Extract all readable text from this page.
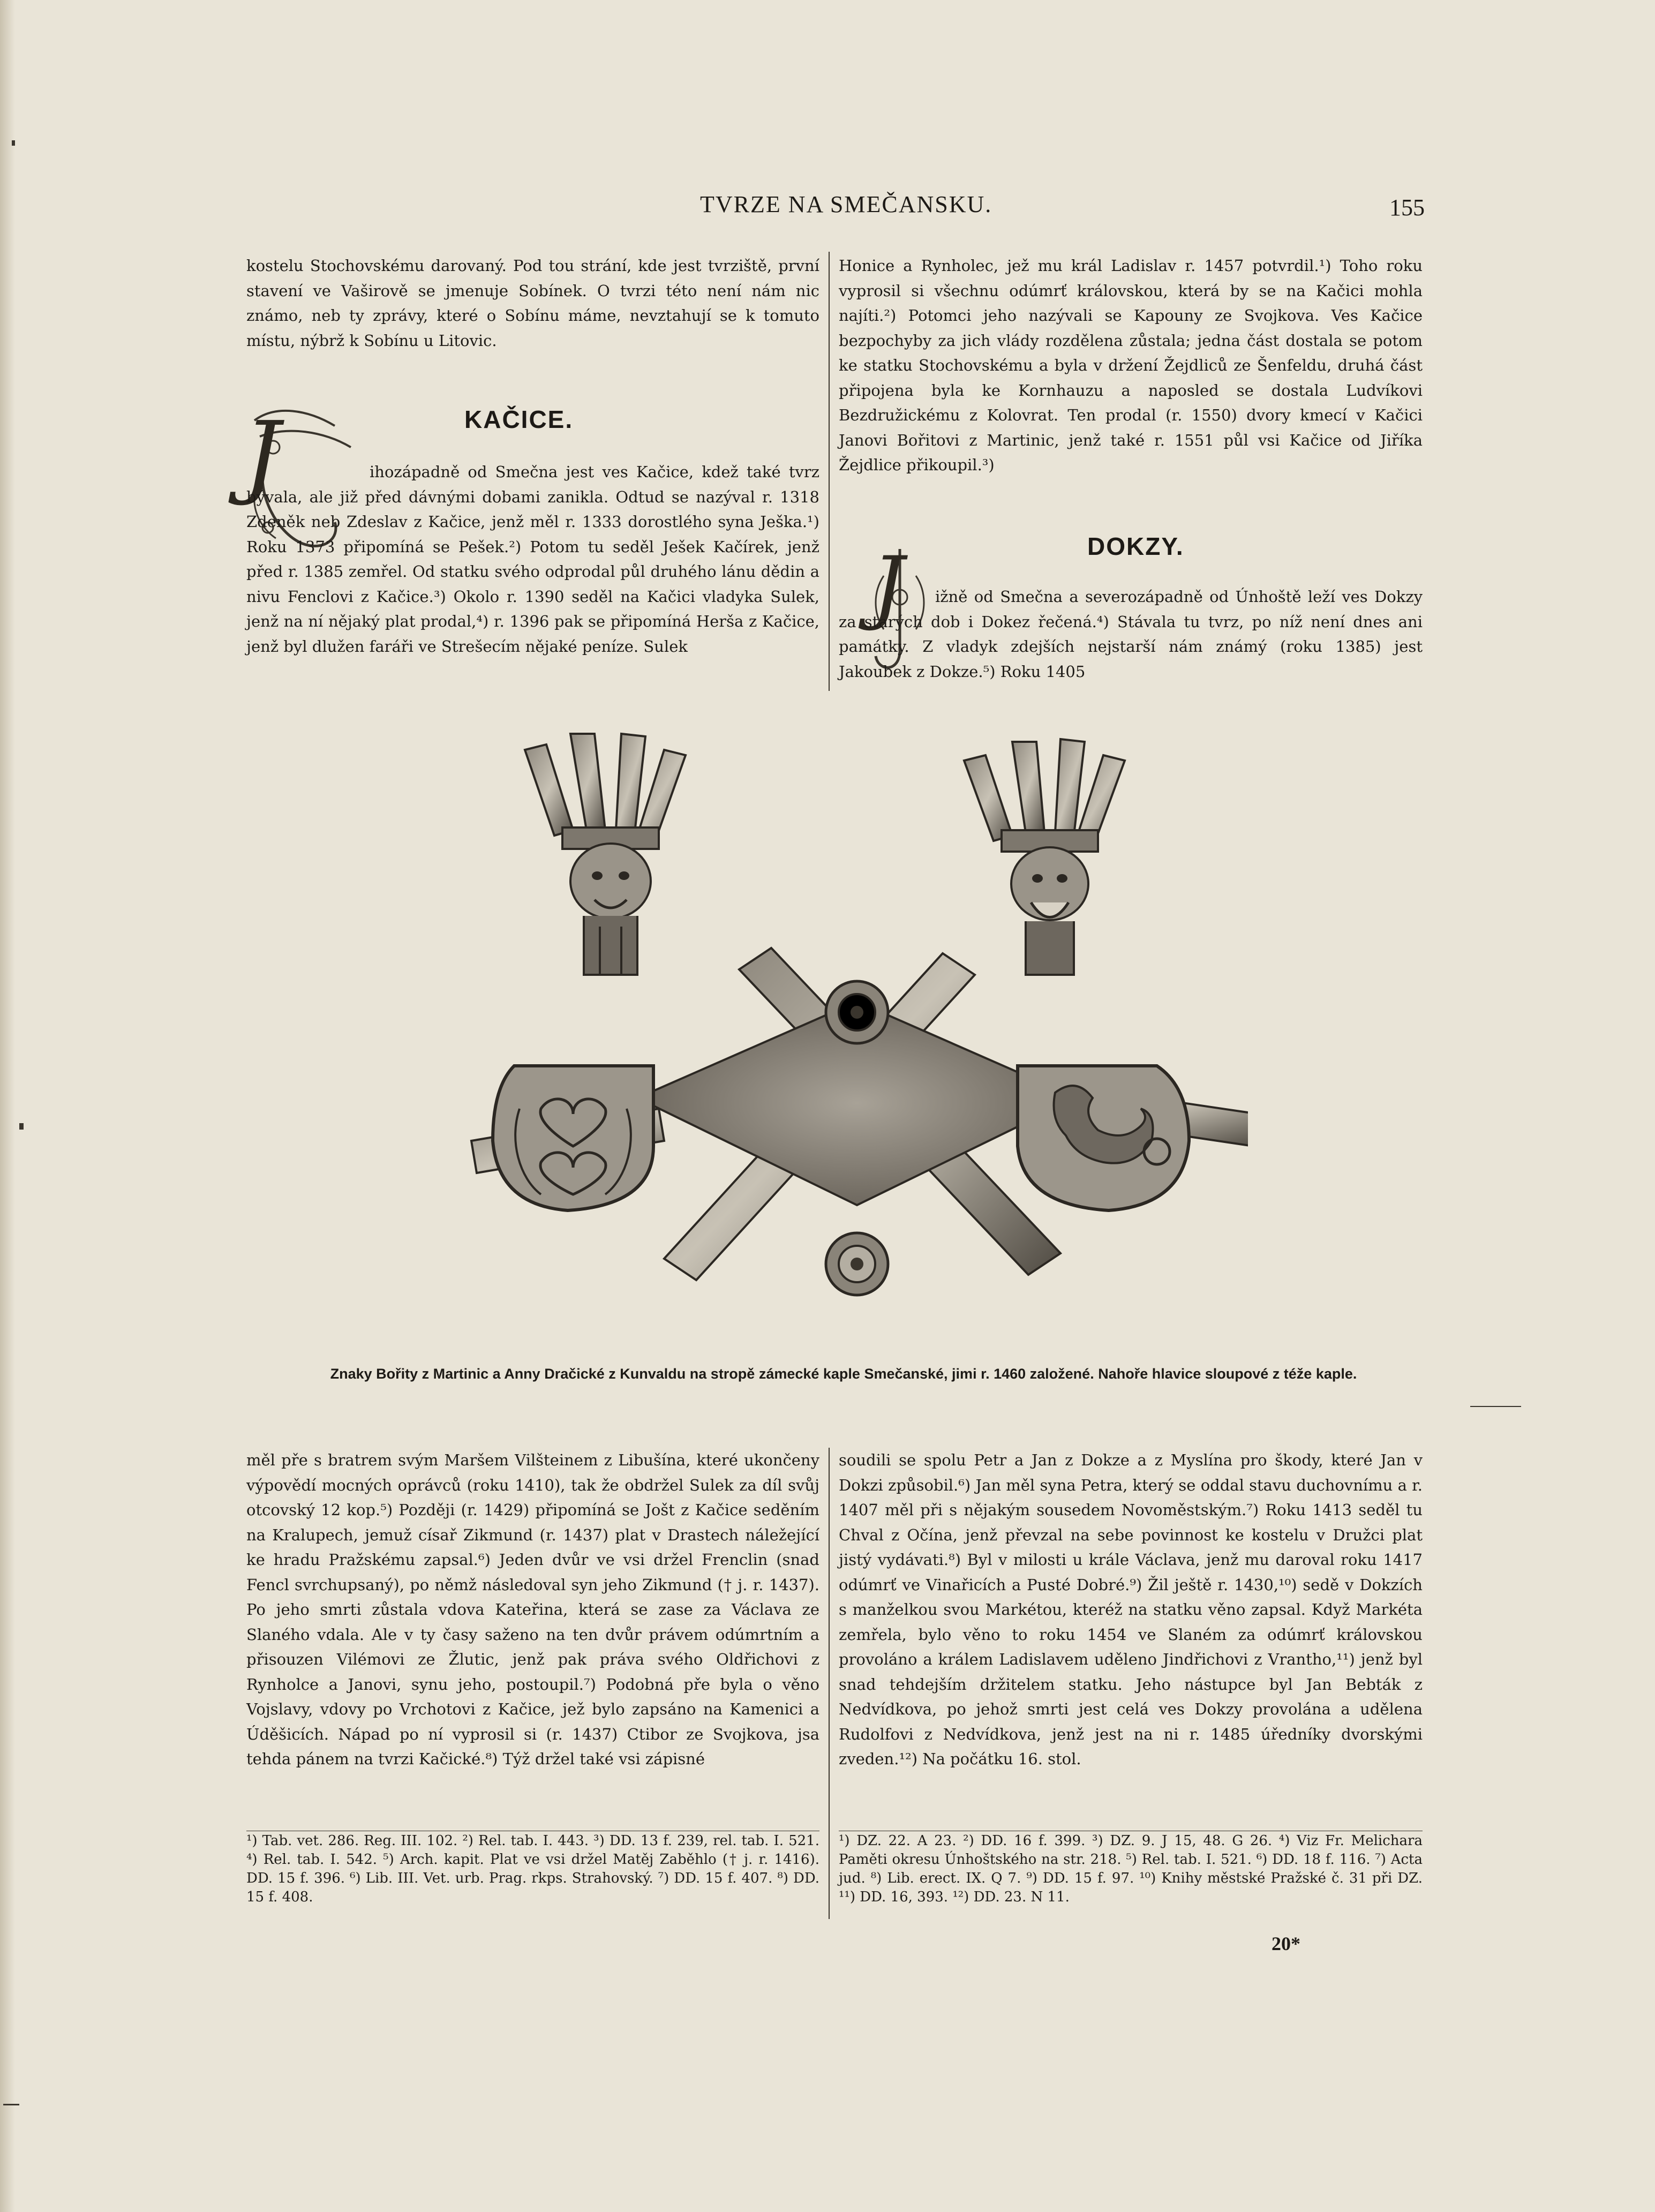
TVRZE NA SMEČANSKU.	155

kostelu Stochovskému darovaný. Pod tou strání, kde jest tvrziště, první stavení ve Vaširově se jmenuje Sobínek. O tvrzi této není nám nic známo, neb ty zprávy, které o Sobínu máme, nevztahují se k tomuto místu, nýbrž k Sobínu u Litovic.

KAČICE.
J	ihozápadně od Smečna jest ves Kačice, kdež také tvrz bývala, ale již před dávnými dobami zanikla. Odtud se nazýval r. 1318 Zdeněk neb Zdeslav z Kačice, jenž měl r. 1333 dorostlého syna Ješka.¹) Roku 1373 připomíná se Pešek.²) Potom tu seděl Ješek Kačírek, jenž před r. 1385 zemřel. Od statku svého odprodal půl druhého lánu dědin a nivu Fenclovi z Kačice.³) Okolo r. 1390 seděl na Kačici vladyka Sulek, jenž na ní nějaký plat prodal,⁴) r. 1396 pak se připomíná Herša z Kačice, jenž byl dlužen faráři ve Strešecím nějaké peníze. Sulek

Honice a Rynholec, jež mu král Ladislav r. 1457 potvrdil.¹) Toho roku vyprosil si všechnu odúmrť královskou, která by se na Kačici mohla najíti.²) Potomci jeho nazývali se Kapouny ze Svojkova. Ves Kačice bezpochyby za jich vlády rozdělena zůstala; jedna část dostala se potom ke statku Stochovskému a byla v držení Žejdliců ze Šenfeldu, druhá část připojena byla ke Kornhauzu a naposled se dostala Ludvíkovi Bezdružickému z Kolovrat. Ten prodal (r. 1550) dvory kmecí v Kačici Janovi Bořitovi z Martinic, jenž také r. 1551 půl vsi Kačice od Jiříka Žejdlice přikoupil.³)

DOKZY.
J	ižně od Smečna a severozápadně od Únhoště leží ves Dokzy za starých dob i Dokez řečená.⁴) Stávala tu tvrz, po níž není dnes ani památky. Z vladyk zdejších nejstarší nám známý (roku 1385) jest Jakoubek z Dokze.⁵) Roku 1405

Znaky Bořity z Martinic a Anny Dračické z Kunvaldu na stropě zámecké kaple Smečanské, jimi r. 1460 založené. Nahoře hlavice sloupové z téže kaple.

měl pře s bratrem svým Maršem Vilšteinem z Libušína, které ukončeny výpovědí mocných oprávců (roku 1410), tak že obdržel Sulek za díl svůj otcovský 12 kop.⁵) Později (r. 1429) připomíná se Jošt z Kačice seděním na Kralupech, jemuž císař Zikmund (r. 1437) plat v Drastech náležející ke hradu Pražskému zapsal.⁶) Jeden dvůr ve vsi držel Frenclin (snad Fencl svrchupsaný), po němž následoval syn jeho Zikmund († j. r. 1437). Po jeho smrti zůstala vdova Kateřina, která se zase za Václava ze Slaného vdala. Ale v ty časy saženo na ten dvůr právem odúmrtním a přisouzen Vilémovi ze Žlutic, jenž pak práva svého Oldřichovi z Rynholce a Janovi, synu jeho, postoupil.⁷) Podobná pře byla o věno Vojslavy, vdovy po Vrchotovi z Kačice, jež bylo zapsáno na Kamenici a Úděšicích. Nápad po ní vyprosil si (r. 1437) Ctibor ze Svojkova, jsa tehda pánem na tvrzi Kačické.⁸) Týž držel také vsi zápisné

soudili se spolu Petr a Jan z Dokze a z Myslína pro škody, které Jan v Dokzi způsobil.⁶) Jan měl syna Petra, který se oddal stavu duchovnímu a r. 1407 měl při s nějakým sousedem Novoměstským.⁷) Roku 1413 seděl tu Chval z Očína, jenž převzal na sebe povinnost ke kostelu v Družci plat jistý vydávati.⁸) Byl v milosti u krále Václava, jenž mu daroval roku 1417 odúmrť ve Vinařicích a Pusté Dobré.⁹) Žil ještě r. 1430,¹⁰) sedě v Dokzích s manželkou svou Markétou, kteréž na statku věno zapsal. Když Markéta zemřela, bylo věno to roku 1454 ve Slaném za odúmrť královskou provoláno a králem Ladislavem uděleno Jindřichovi z Vrantho,¹¹) jenž byl snad tehdejším držitelem statku. Jeho nástupce byl Jan Bebták z Nedvídkova, po jehož smrti jest celá ves Dokzy provolána a udělena Rudolfovi z Nedvídkova, jenž jest na ni r. 1485 úředníky dvorskými zveden.¹²) Na počátku 16. stol.

¹) Tab. vet. 286. Reg. III. 102. ²) Rel. tab. I. 443. ³) DD. 13 f. 239, rel. tab. I. 521. ⁴) Rel. tab. I. 542. ⁵) Arch. kapit. Plat ve vsi držel Matěj Zaběhlo († j. r. 1416). DD. 15 f. 396. ⁶) Lib. III. Vet. urb. Prag. rkps. Strahovský. ⁷) DD. 15 f. 407. ⁸) DD. 15 f. 408.

¹) DZ. 22. A 23. ²) DD. 16 f. 399. ³) DZ. 9. J 15, 48. G 26. ⁴) Viz Fr. Melichara Paměti okresu Únhoštského na str. 218. ⁵) Rel. tab. I. 521. ⁶) DD. 18 f. 116. ⁷) Acta jud. ⁸) Lib. erect. IX. Q 7. ⁹) DD. 15 f. 97. ¹⁰) Knihy městské Pražské č. 31 při DZ. ¹¹) DD. 16, 393. ¹²) DD. 23. N 11.

20*
